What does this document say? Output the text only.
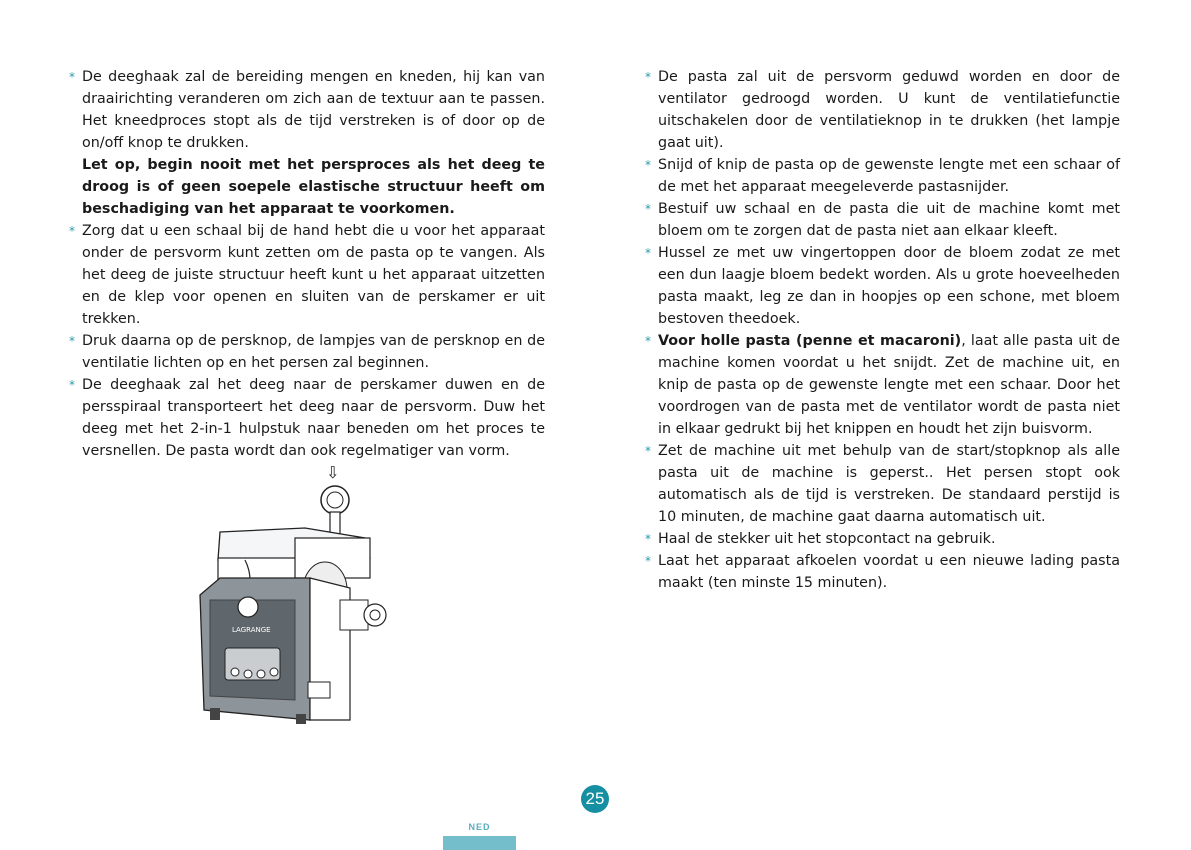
* De deeghaak zal de bereiding mengen en kneden, hij kan van draairichting veranderen om zich aan de textuur aan te passen. Het kneedproces stopt als de tijd verstreken is of door op de on/off knop te drukken.
Let op, begin nooit met het persproces als het deeg te droog is of geen soepele elastische structuur heeft om beschadiging van het apparaat te voorkomen.
* Zorg dat u een schaal bij de hand hebt die u voor het apparaat onder de persvorm kunt zetten om de pasta op te vangen. Als het deeg de juiste structuur heeft kunt u het apparaat uitzetten en de klep voor openen en sluiten van de perskamer er uit trekken.
* Druk daarna op de persknop, de lampjes van de persknop en de ventilatie lichten op en het persen zal beginnen.
* De deeghaak zal het deeg naar de perskamer duwen en de persspiraal transporteert het deeg naar de persvorm. Duw het deeg met het 2-in-1 hulpstuk naar beneden om het proces te versnellen. De pasta wordt dan ook regelmatiger van vorm.
⇩
LAGRANGE
* De pasta zal uit de persvorm geduwd worden en door de ventilator gedroogd worden. U kunt de ventilatiefunctie uitschakelen door de ventilatieknop in te drukken (het lampje gaat uit).
* Snijd of knip de pasta op de gewenste lengte met een schaar of de met het apparaat meegeleverde pastasnijder.
* Bestuif uw schaal en de pasta die uit de machine komt met bloem om te zorgen dat de pasta niet aan elkaar kleeft.
* Hussel ze met uw vingertoppen door de bloem zodat ze met een dun laagje bloem bedekt worden. Als u grote hoeveelheden pasta maakt, leg ze dan in hoopjes op een schone, met bloem bestoven theedoek.
* Voor holle pasta (penne et macaroni), laat alle pasta uit de machine komen voordat u het snijdt. Zet de machine uit, en knip de pasta op de gewenste lengte met een schaar. Door het voordrogen van de pasta met de ventilator wordt de pasta niet in elkaar gedrukt bij het knippen en houdt het zijn buisvorm.
* Zet de machine uit met behulp van de start/stopknop als alle pasta uit de machine is geperst.. Het persen stopt ook automatisch als de tijd is verstreken. De standaard perstijd is 10 minuten, de machine gaat daarna automatisch uit.
* Haal de stekker uit het stopcontact na gebruik.
* Laat het apparaat afkoelen voordat u een nieuwe lading pasta maakt (ten minste 15 minuten).
25
NED
